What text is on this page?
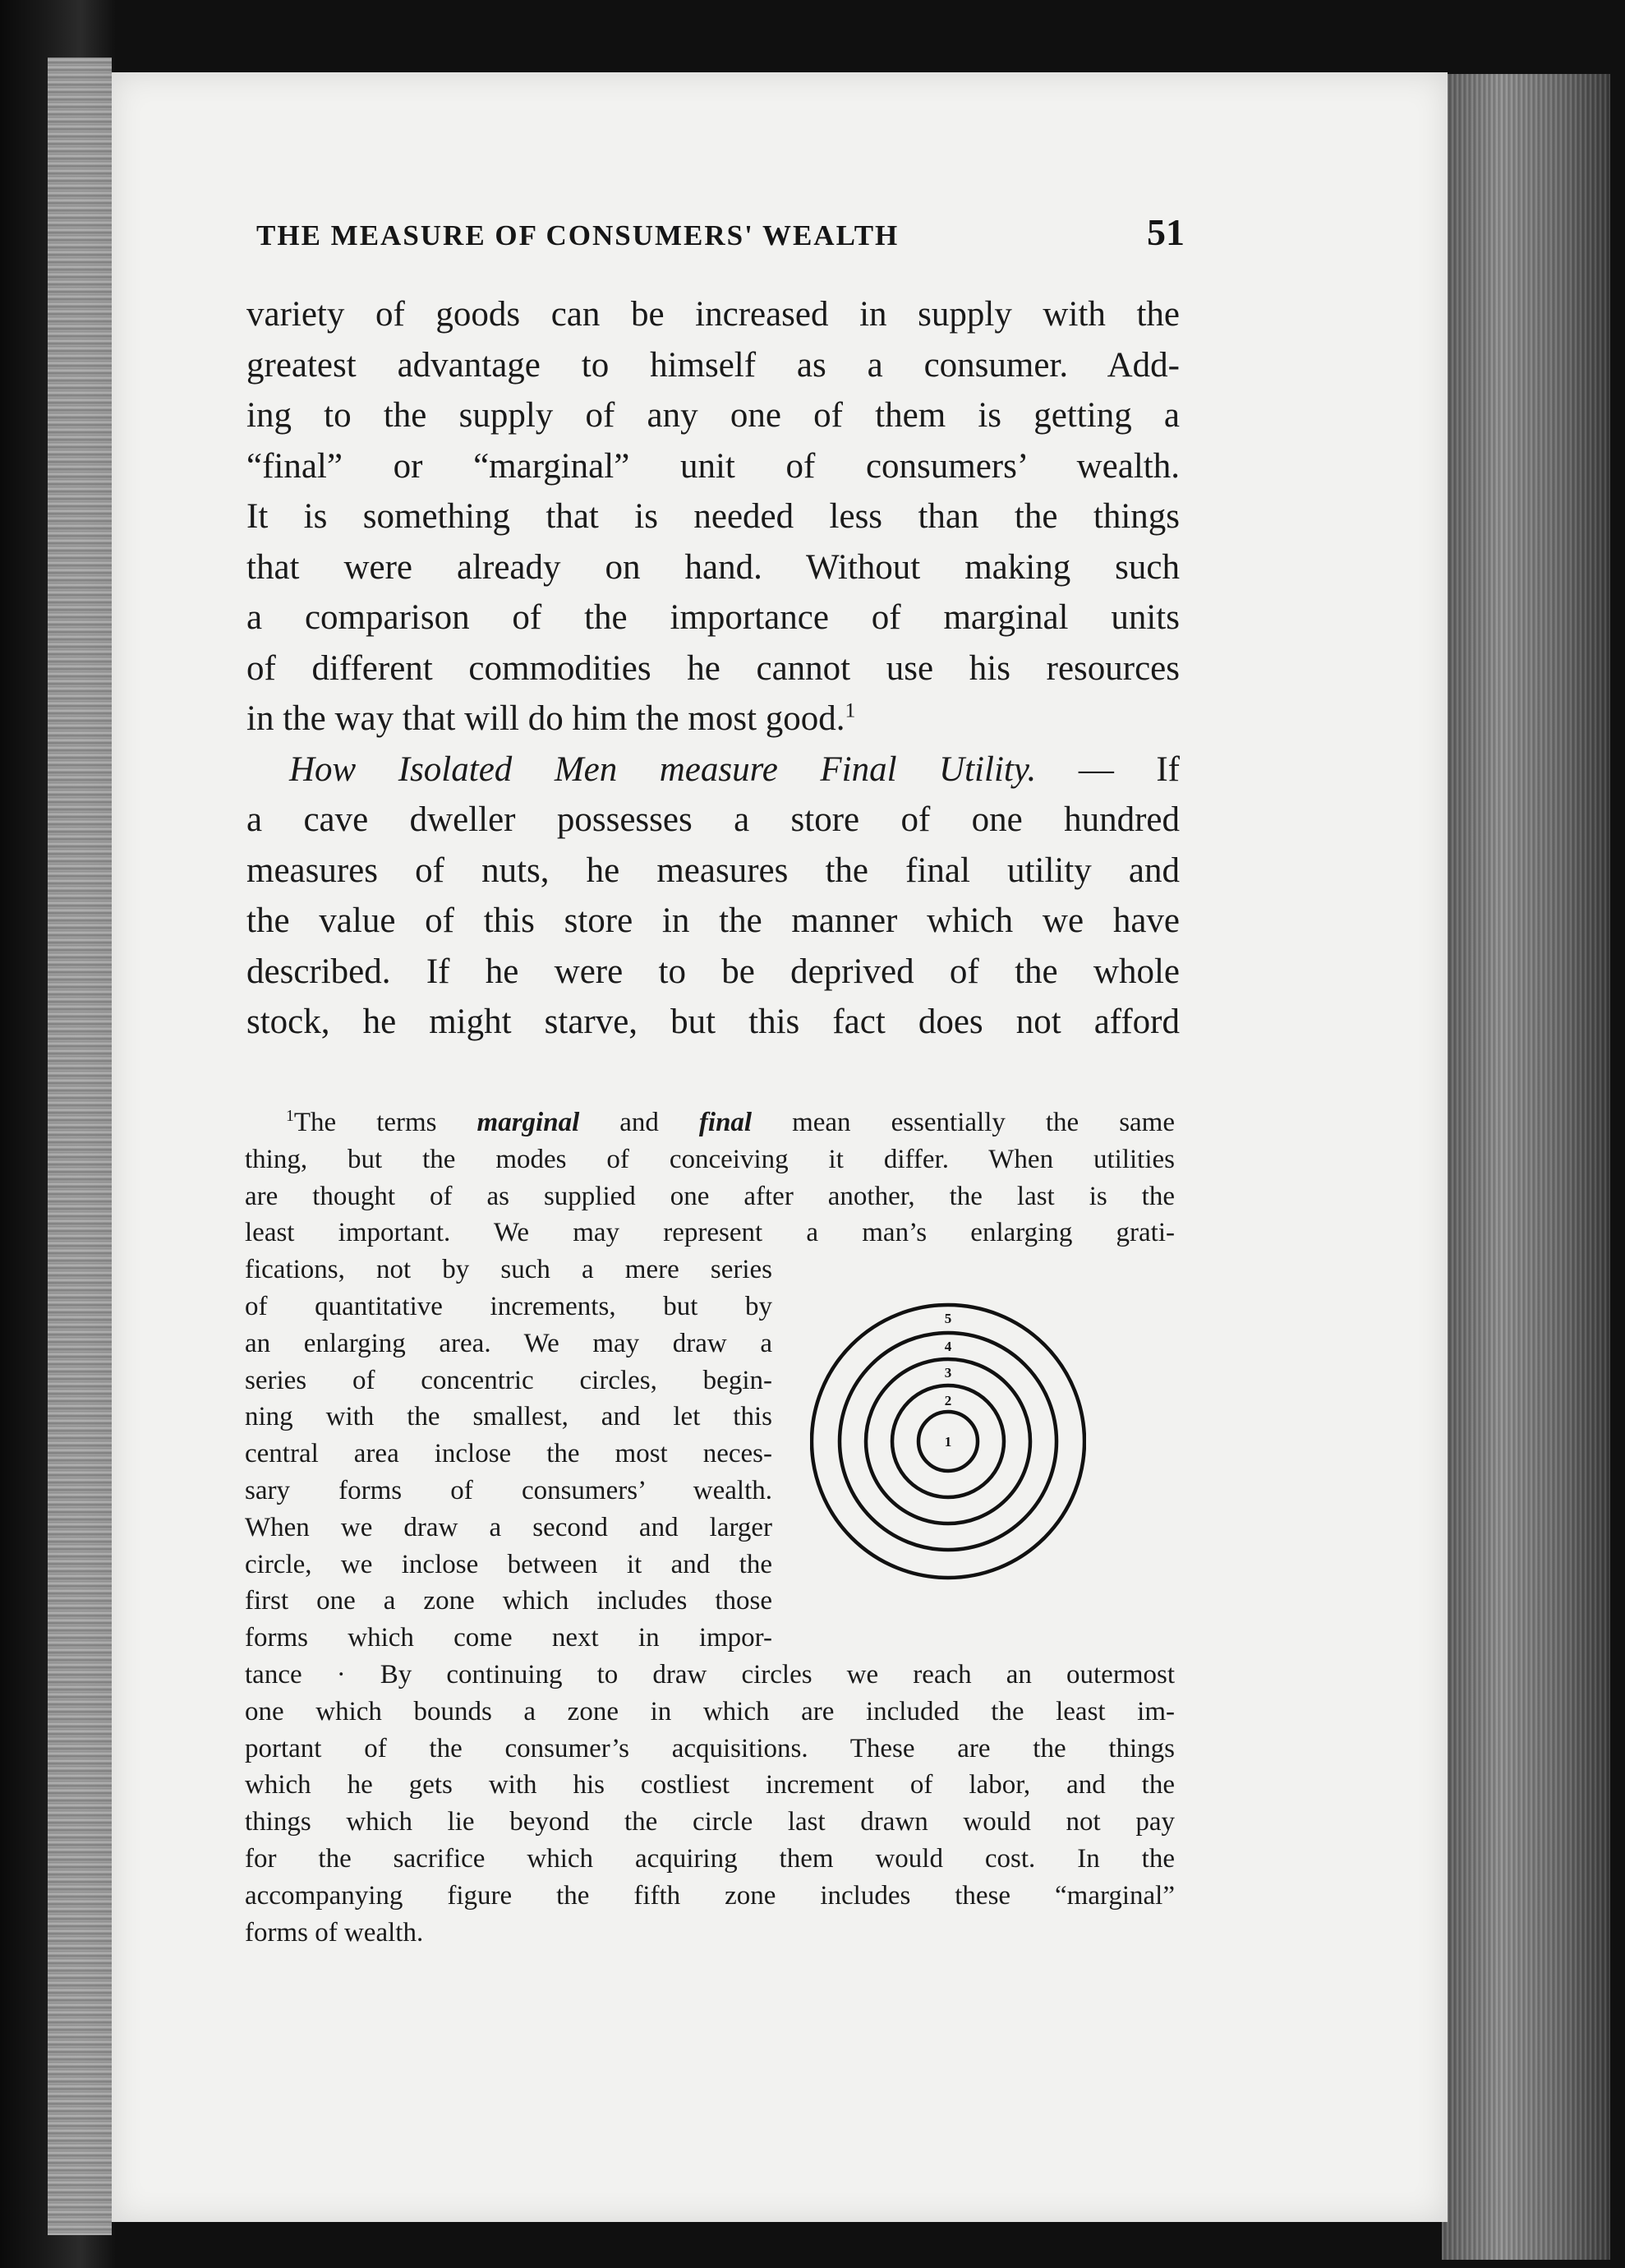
THE MEASURE OF CONSUMERS' WEALTH	51
variety of goods can be increased in supply with the
greatest advantage to himself as a consumer. Add-
ing to the supply of any one of them is getting a
“final” or “marginal” unit of consumers’ wealth.
It is something that is needed less than the things
that were already on hand. Without making such
a comparison of the importance of marginal units
of different commodities he cannot use his resources
in the way that will do him the most good.$^1$
How Isolated Men measure Final Utility. — If
a cave dweller possesses a store of one hundred
measures of nuts, he measures the final utility and
the value of this store in the manner which we have
described. If he were to be deprived of the whole
stock, he might starve, but this fact does not afford
$^1$The terms marginal and final mean essentially the same
thing, but the modes of conceiving it differ. When utilities
are thought of as supplied one after another, the last is the
least important. We may represent a man’s enlarging grati-
fications, not by such a mere series
of quantitative increments, but by
an enlarging area. We may draw a
series of concentric circles, begin-
ning with the smallest, and let this
central area inclose the most neces-
sary forms of consumers’ wealth.
When we draw a second and larger
circle, we inclose between it and the
first one a zone which includes those
forms which come next in impor-
tance · By continuing to draw circles we reach an outermost
one which bounds a zone in which are included the least im-
portant of the consumer’s acquisitions. These are the things
which he gets with his costliest increment of labor, and the
things which lie beyond the circle last drawn would not pay
for the sacrifice which acquiring them would cost. In the
accompanying figure the fifth zone includes these “marginal”
forms of wealth.
1
2
3
4
5
